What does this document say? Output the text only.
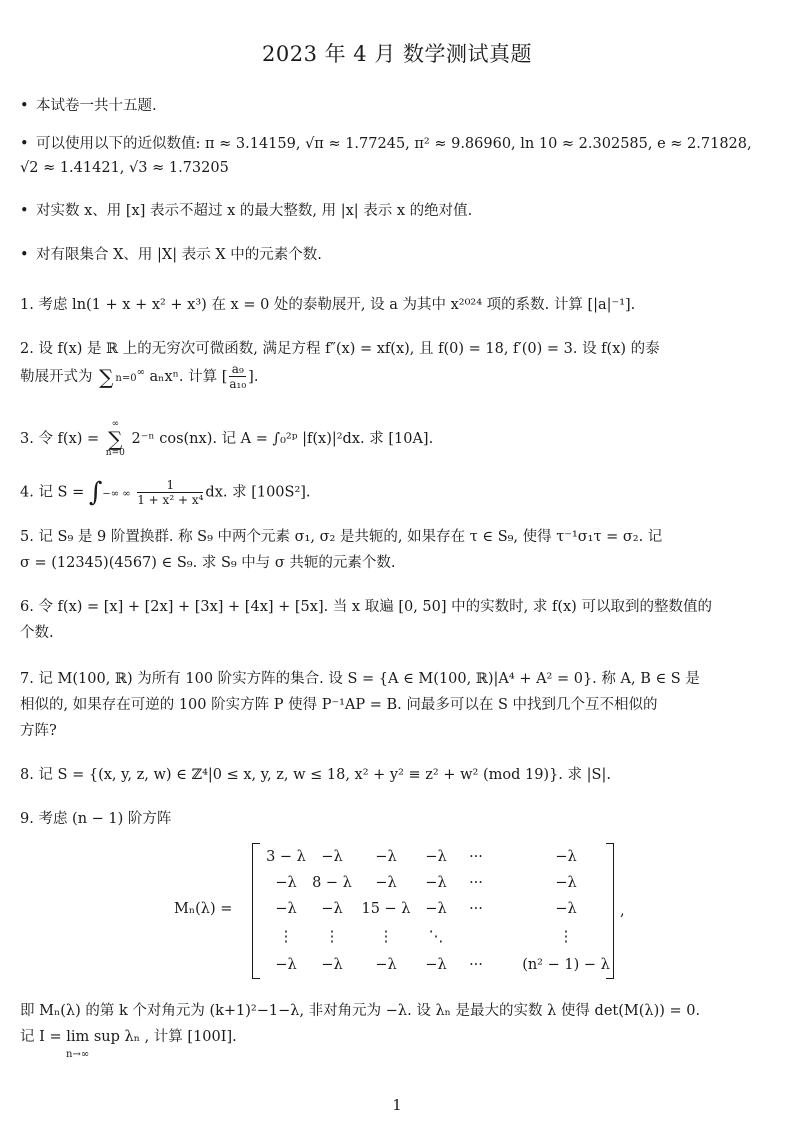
2023 年 4 月 数学测试真题
• 本试卷一共十五题.
• 可以使用以下的近似数值: π ≈ 3.14159, √π ≈ 1.77245, π² ≈ 9.86960, ln 10 ≈ 2.302585, e ≈ 2.71828,
√2 ≈ 1.41421, √3 ≈ 1.73205
• 对实数 x、用 [x] 表示不超过 x 的最大整数, 用 |x| 表示 x 的绝对值.
• 对有限集合 X、用 |X| 表示 X 中的元素个数.
1. 考虑 ln(1 + x + x² + x³) 在 x = 0 处的泰勒展开, 设 a 为其中 x²⁰²⁴ 项的系数. 计算 [|a|⁻¹].
2. 设 f(x) 是 ℝ 上的无穷次可微函数, 满足方程 f″(x) = xf(x), 且 f(0) = 18, f′(0) = 3. 设 f(x) 的泰
勒展开式为 ∑ n=0∞ aₙxⁿ. 计算 [ $\frac{\text{a₉}}{\text{a₁₀}}$ ].
3. 令 f(x) =
∞
∑
n=0
2⁻ⁿ cos(nx). 记 A = ∫₀²ᵖ |f(x)|²dx. 求 [10A].
4. 记 S = ∫−∞ ∞ $\frac{1}{\text{1 + x² + x⁴}}$ dx. 求 [100S²].
5. 记 S₉ 是 9 阶置换群. 称 S₉ 中两个元素 σ₁, σ₂ 是共轭的, 如果存在 τ ∈ S₉, 使得 τ⁻¹σ₁τ = σ₂. 记
σ = (12345)(4567) ∈ S₉. 求 S₉ 中与 σ 共轭的元素个数.
6. 令 f(x) = [x] + [2x] + [3x] + [4x] + [5x]. 当 x 取遍 [0, 50] 中的实数时, 求 f(x) 可以取到的整数值的
个数.
7. 记 M(100, ℝ) 为所有 100 阶实方阵的集合. 设 S = {A ∈ M(100, ℝ)|A⁴ + A² = 0}. 称 A, B ∈ S 是
相似的, 如果存在可逆的 100 阶实方阵 P 使得 P⁻¹AP = B. 问最多可以在 S 中找到几个互不相似的
方阵?
8. 记 S = {(x, y, z, w) ∈ ℤ⁴|0 ≤ x, y, z, w ≤ 18, x² + y² ≡ z² + w² (mod 19)}. 求 |S|.
9. 考虑 (n − 1) 阶方阵
Mₙ(λ) =
3 − λ	−λ	−λ	−λ	···	−λ
−λ	8 − λ	−λ	−λ	···	−λ
−λ	−λ	15 − λ	−λ	···	−λ
⋮	⋮	⋮	⋱	⋮
−λ	−λ	−λ	−λ	···	(n² − 1) − λ
,
即 Mₙ(λ) 的第 k 个对角元为 (k+1)²−1−λ, 非对角元为 −λ. 设 λₙ 是最大的实数 λ 使得 det(M(λ)) = 0.
记 I = lim sup λₙ , 计算 [100I].
n→∞
1
